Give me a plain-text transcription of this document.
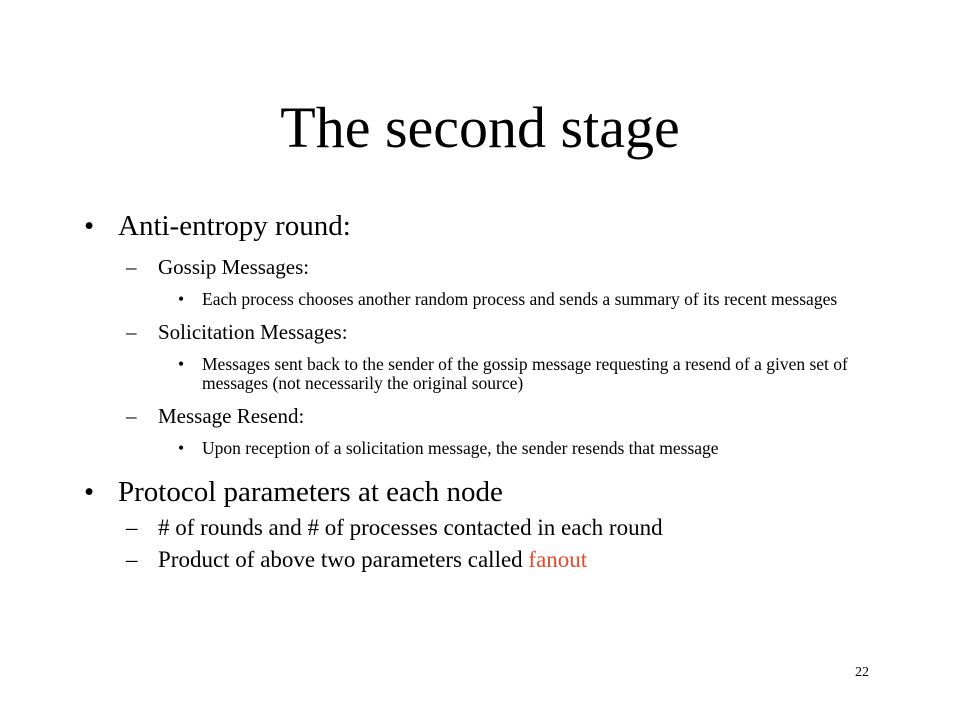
The second stage
• Anti-entropy round:
– Gossip Messages:
• Each process chooses another random process and sends a summary of its recent messages
– Solicitation Messages:
• Messages sent back to the sender of the gossip message requesting a resend of a given set of messages (not necessarily the original source)
– Message Resend:
• Upon reception of a solicitation message, the sender resends that message
• Protocol parameters at each node
– # of rounds and # of processes contacted in each round
– Product of above two parameters called fanout
22
